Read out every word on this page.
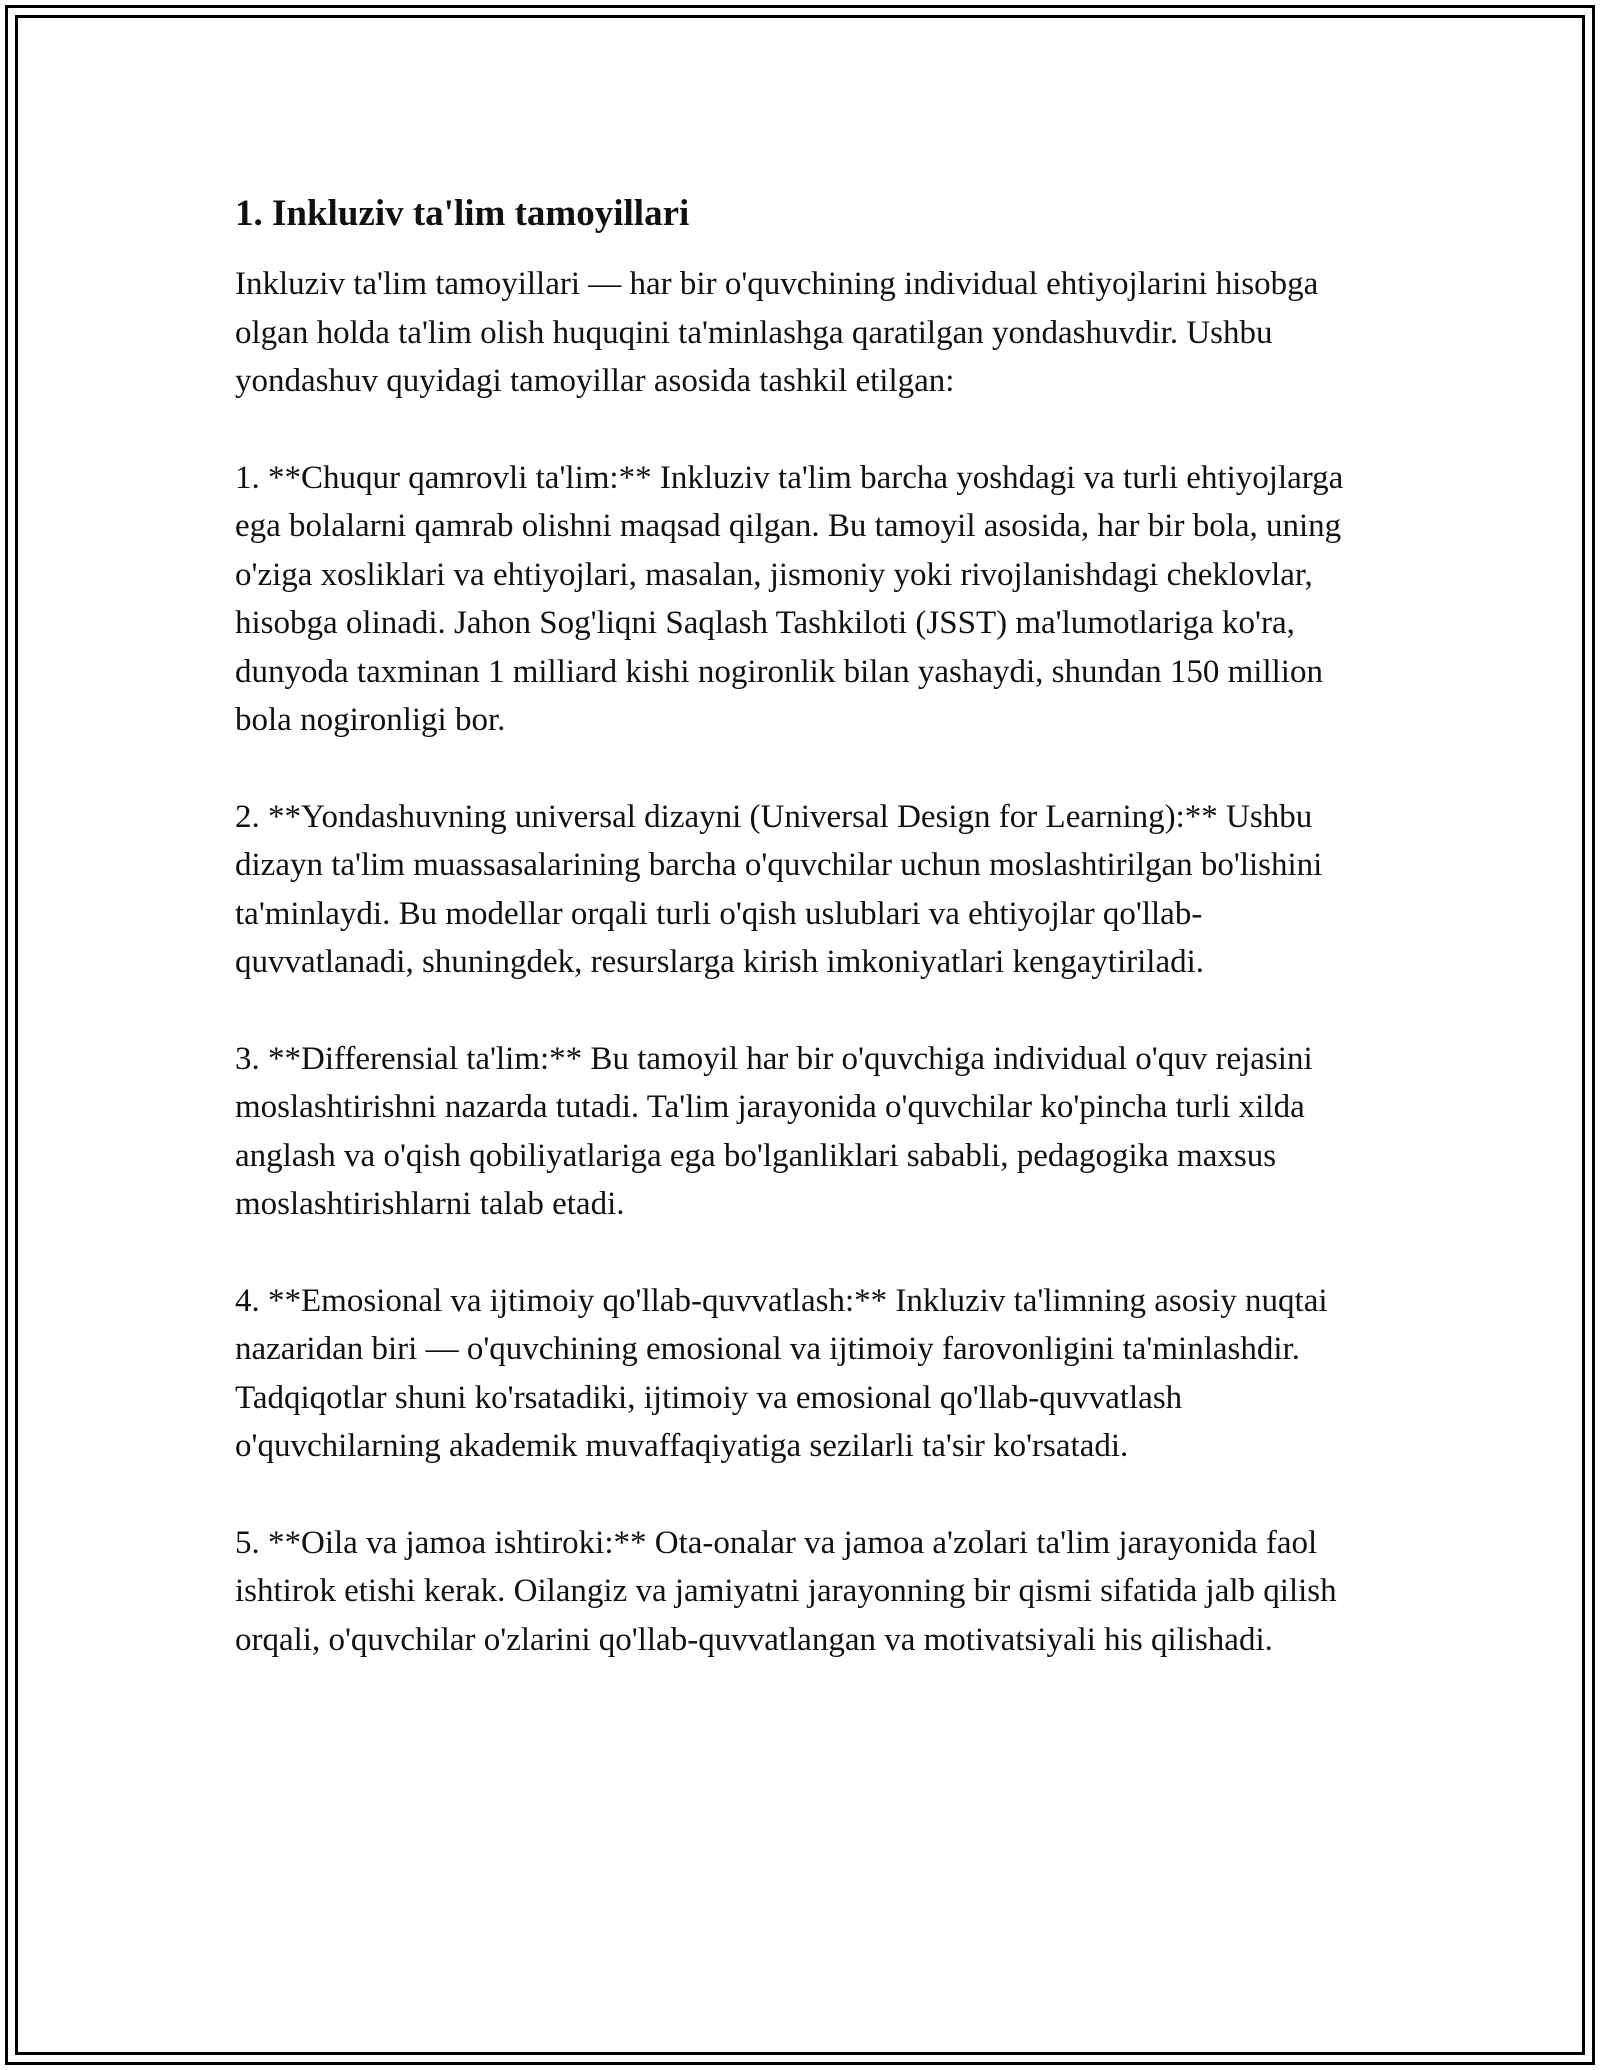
1. Inkluziv ta'lim tamoyillari

Inkluziv ta'lim tamoyillari — har bir o'quvchining individual ehtiyojlarini hisobga olgan holda ta'lim olish huquqini ta'minlashga qaratilgan yondashuvdir. Ushbu yondashuv quyidagi tamoyillar asosida tashkil etilgan:

1. **Chuqur qamrovli ta'lim:** Inkluziv ta'lim barcha yoshdagi va turli ehtiyojlarga ega bolalarni qamrab olishni maqsad qilgan. Bu tamoyil asosida, har bir bola, uning o'ziga xosliklari va ehtiyojlari, masalan, jismoniy yoki rivojlanishdagi cheklovlar, hisobga olinadi. Jahon Sog'liqni Saqlash Tashkiloti (JSST) ma'lumotlariga ko'ra, dunyoda taxminan 1 milliard kishi nogironlik bilan yashaydi, shundan 150 million bola nogironligi bor.

2. **Yondashuvning universal dizayni (Universal Design for Learning):** Ushbu dizayn ta'lim muassasalarining barcha o'quvchilar uchun moslashtirilgan bo'lishini ta'minlaydi. Bu modellar orqali turli o'qish uslublari va ehtiyojlar qo'llab-quvvatlanadi, shuningdek, resurslarga kirish imkoniyatlari kengaytiriladi.

3. **Differensial ta'lim:** Bu tamoyil har bir o'quvchiga individual o'quv rejasini moslashtirishni nazarda tutadi. Ta'lim jarayonida o'quvchilar ko'pincha turli xilda anglash va o'qish qobiliyatlariga ega bo'lganliklari sababli, pedagogika maxsus moslashtirishlarni talab etadi.

4. **Emosional va ijtimoiy qo'llab-quvvatlash:** Inkluziv ta'limning asosiy nuqtai nazaridan biri — o'quvchining emosional va ijtimoiy farovonligini ta'minlashdir. Tadqiqotlar shuni ko'rsatadiki, ijtimoiy va emosional qo'llab-quvvatlash o'quvchilarning akademik muvaffaqiyatiga sezilarli ta'sir ko'rsatadi.

5. **Oila va jamoa ishtiroki:** Ota-onalar va jamoa a'zolari ta'lim jarayonida faol ishtirok etishi kerak. Oilangiz va jamiyatni jarayonning bir qismi sifatida jalb qilish orqali, o'quvchilar o'zlarini qo'llab-quvvatlangan va motivatsiyali his qilishadi.
